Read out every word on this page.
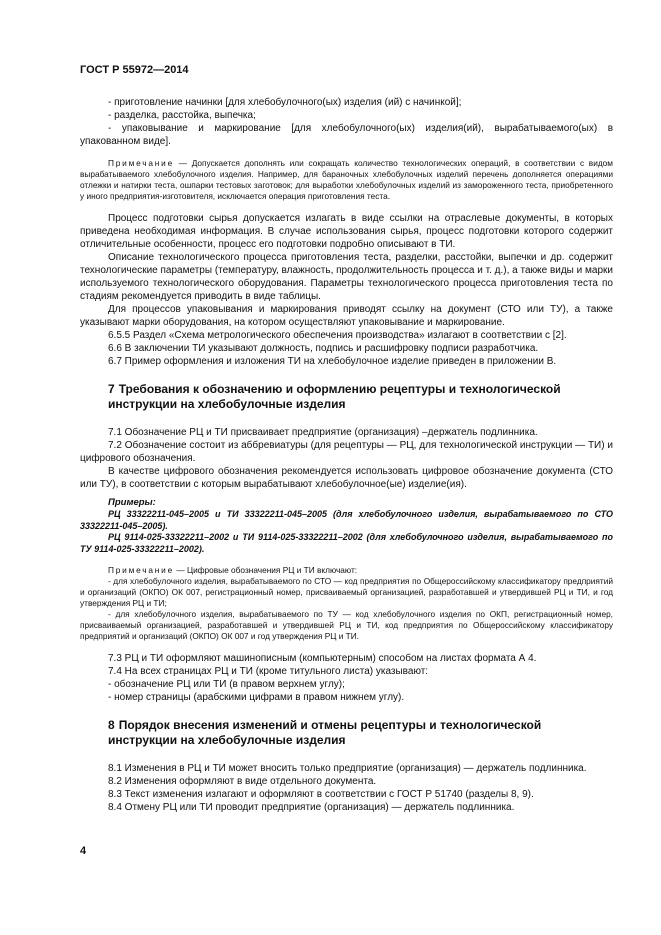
ГОСТ Р 55972—2014

- приготовление начинки [для хлебобулочного(ых) изделия (ий) с начинкой];

- разделка, расстойка, выпечка;

- упаковывание и маркирование [для хлебобулочного(ых) изделия(ий), вырабатываемого(ых) в упакованном виде].

Примечание — Допускается дополнять или сокращать количество технологических операций, в соответствии с видом вырабатываемого хлебобулочного изделия. Например, для бараночных хлебобулочных изделий перечень дополняется операциями отлежки и натирки теста, ошпарки тестовых заготовок; для выработки хлебобулочных изделий из замороженного теста, приобретенного у иного предприятия-изготовителя, исключается операция приготовления теста.

Процесс подготовки сырья допускается излагать в виде ссылки на отраслевые документы, в которых приведена необходимая информация. В случае использования сырья, процесс подготовки которого содержит отличительные особенности, процесс его подготовки подробно описывают в ТИ.

Описание технологического процесса приготовления теста, разделки, расстойки, выпечки и др. содержит технологические параметры (температуру, влажность, продолжительность процесса и т. д.), а также виды и марки используемого технологического оборудования. Параметры технологического процесса приготовления теста по стадиям рекомендуется приводить в виде таблицы.

Для процессов упаковывания и маркирования приводят ссылку на документ (СТО или ТУ), а также указывают марки оборудования, на котором осуществляют упаковывание и маркирование.

6.5.5 Раздел «Схема метрологического обеспечения производства» излагают в соответствии с [2].

6.6 В заключении ТИ указывают должность, подпись и расшифровку подписи разработчика.

6.7 Пример оформления и изложения ТИ на хлебобулочное изделие приведен в приложении В.

7 Требования к обозначению и оформлению рецептуры и технологической
инструкции на хлебобулочные изделия

7.1 Обозначение РЦ и ТИ присваивает предприятие (организация) –держатель подлинника.

7.2 Обозначение состоит из аббревиатуры (для рецептуры — РЦ, для технологической инструкции — ТИ) и цифрового обозначения.

В качестве цифрового обозначения рекомендуется использовать цифровое обозначение документа (СТО или ТУ), в соответствии с которым вырабатывают хлебобулочное(ые) изделие(ия).

Примеры:

РЦ 33322211-045–2005 и ТИ 33322211-045–2005 (для хлебобулочного изделия, вырабатываемого по СТО 33322211-045–2005).

РЦ 9114-025-33322211–2002 и ТИ 9114-025-33322211–2002 (для хлебобулочного изделия, вырабатываемого по ТУ 9114-025-33322211–2002).

Примечание — Цифровые обозначения РЦ и ТИ включают:

- для хлебобулочного изделия, вырабатываемого по СТО — код предприятия по Общероссийскому классификатору предприятий и организаций (ОКПО) ОК 007, регистрационный номер, присваиваемый организацией, разработавшей и утвердившей РЦ и ТИ, и год утверждения РЦ и ТИ;

- для хлебобулочного изделия, вырабатываемого по ТУ — код хлебобулочного изделия по ОКП, регистрационный номер, присваиваемый организацией, разработавшей и утвердившей РЦ и ТИ, код предприятия по Общероссийскому классификатору предприятий и организаций (ОКПО) ОК 007 и год утверждения РЦ и ТИ.

7.3 РЦ и ТИ оформляют машинописным (компьютерным) способом на листах формата А 4.

7.4 На всех страницах РЦ и ТИ (кроме титульного листа) указывают:

- обозначение РЦ или ТИ (в правом верхнем углу);

- номер страницы (арабскими цифрами в правом нижнем углу).

8 Порядок внесения изменений и отмены рецептуры и технологической
инструкции на хлебобулочные изделия

8.1 Изменения в РЦ и ТИ может вносить только предприятие (организация) — держатель подлинника.

8.2 Изменения оформляют в виде отдельного документа.

8.3 Текст изменения излагают и оформляют в соответствии с ГОСТ Р 51740 (разделы 8, 9).

8.4 Отмену РЦ или ТИ проводит предприятие (организация) — держатель подлинника.

4
